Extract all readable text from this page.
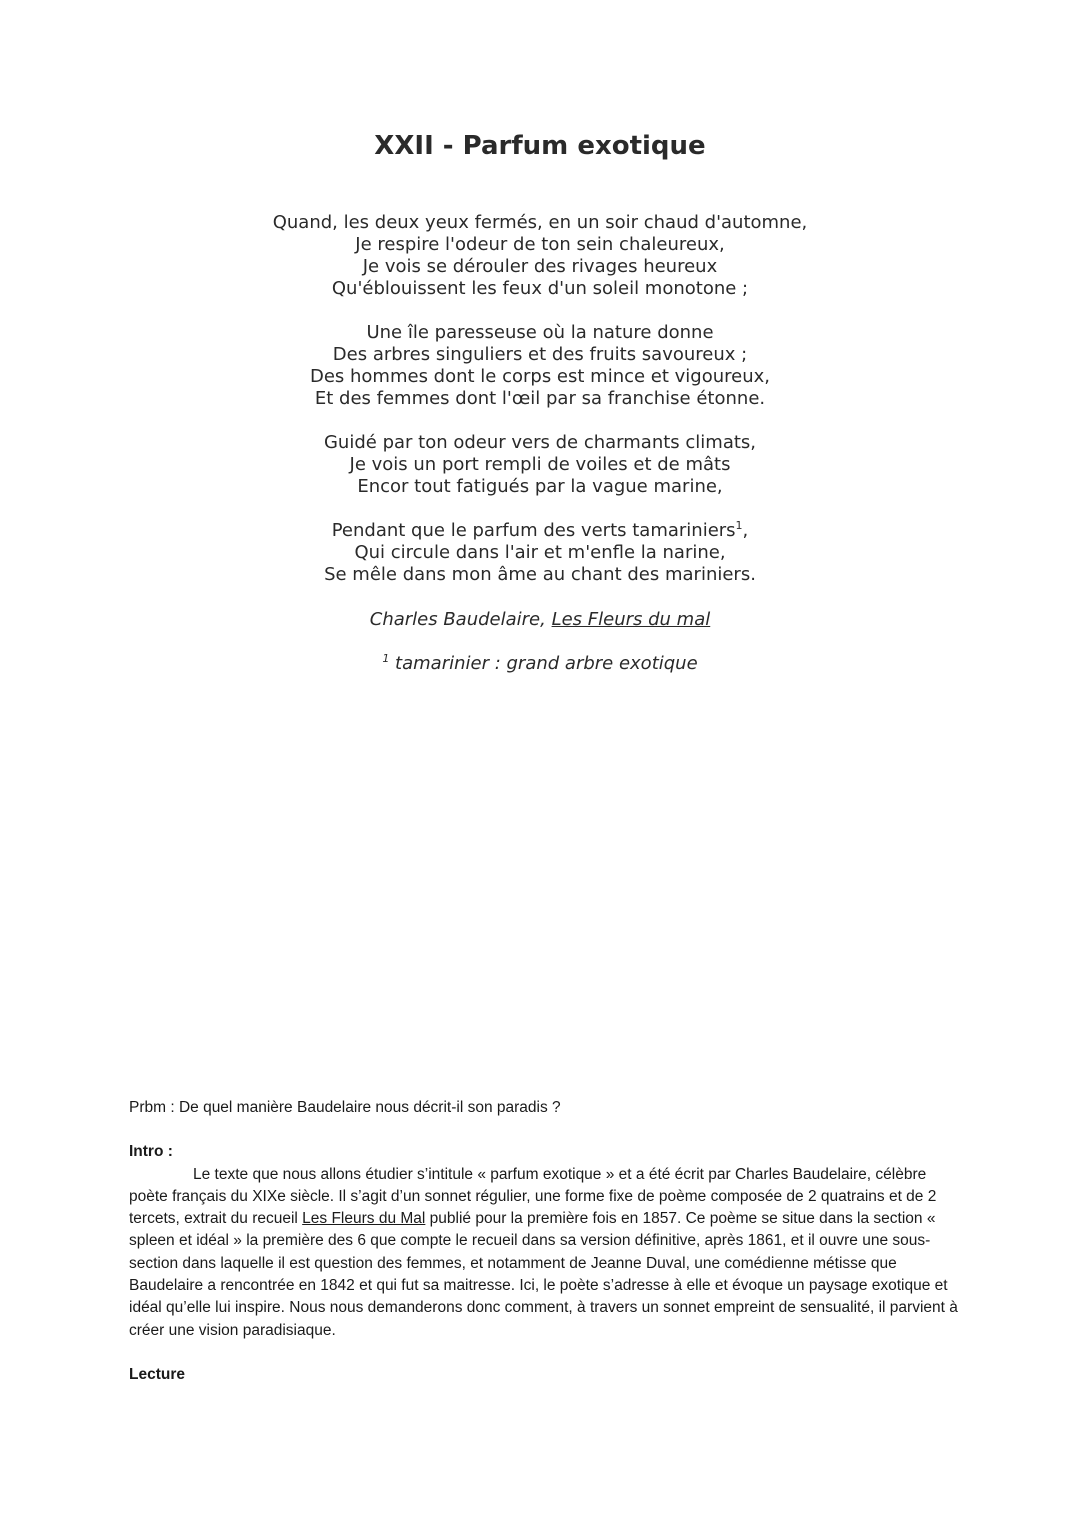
XXII - Parfum exotique
Quand, les deux yeux fermés, en un soir chaud d'automne,
Je respire l'odeur de ton sein chaleureux,
Je vois se dérouler des rivages heureux
Qu'éblouissent les feux d'un soleil monotone ;
Une île paresseuse où la nature donne
Des arbres singuliers et des fruits savoureux ;
Des hommes dont le corps est mince et vigoureux,
Et des femmes dont l'œil par sa franchise étonne.
Guidé par ton odeur vers de charmants climats,
Je vois un port rempli de voiles et de mâts
Encor tout fatigués par la vague marine,
Pendant que le parfum des verts tamariniers$^1$,
Qui circule dans l'air et m'enfle la narine,
Se mêle dans mon âme au chant des mariniers.
Charles Baudelaire, Les Fleurs du mal
$^1$ tamarinier : grand arbre exotique

Prbm : De quel manière Baudelaire nous décrit-il son paradis ?

Intro :

Le texte que nous allons étudier s’intitule « parfum exotique » et a été écrit par Charles Baudelaire, célèbre poète français du XIXe siècle. Il s’agit d’un sonnet régulier, une forme fixe de poème composée de 2 quatrains et de 2 tercets, extrait du recueil Les Fleurs du Mal publié pour la première fois en 1857. Ce poème se situe dans la section « spleen et idéal » la première des 6 que compte le recueil dans sa version définitive, après 1861, et il ouvre une sous-section dans laquelle il est question des femmes, et notamment de Jeanne Duval, une comédienne métisse que Baudelaire a rencontrée en 1842 et qui fut sa maitresse. Ici, le poète s’adresse à elle et évoque un paysage exotique et idéal qu’elle lui inspire. Nous nous demanderons donc comment, à travers un sonnet empreint de sensualité, il parvient à créer une vision paradisiaque.

Lecture
